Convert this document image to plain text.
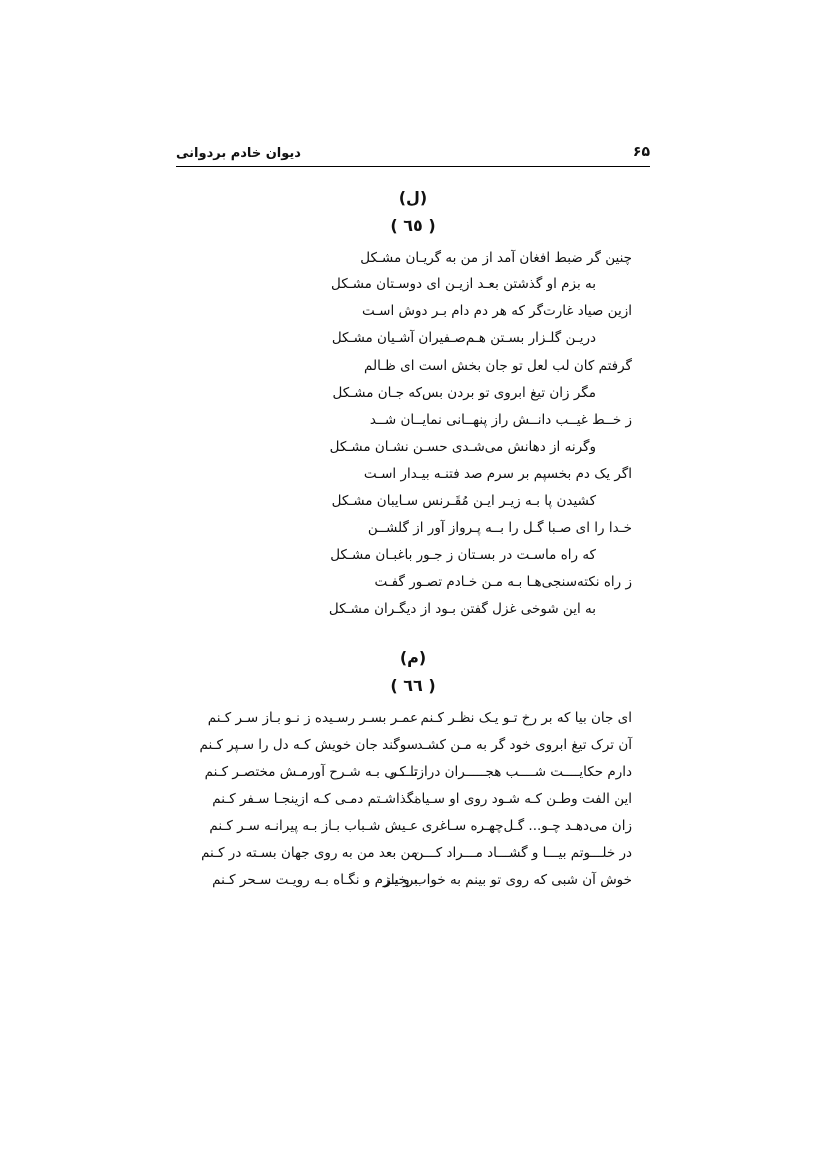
دیوان خادم بردوانی	۶۵
(ل)
( ٦٥ )
چنین گر ضبط افغان آمد از من به گریـان مشـکل
به بزم او گذشتن بعـد ازیـن ای دوسـتان مشـکل
ازین صیاد غارت‌گر که هر دم دام بـر دوش اسـت
دریـن گلـزار بسـتن هـم‌صـفیران آشـیان مشـکل
گرفتم کان لب لعل تو جان بخش است ای ظـالم
مگر زان تیغ ابروی تو بردن بس‌که جـان مشـکل
ز خــط غیــب دانــش راز پنهــانی نمایــان شــد
وگرنه از دهانش می‌شـدی حسـن نشـان مشـکل
اگر یک دم بخسپم بر سرم صد فتنـه بیـدار اسـت
کشیدن پا بـه زیـر ایـن مُقَـرنس سـایبان مشـکل
خـدا را ای صـبا گـل را بــه پـرواز آور از گلشــن
که راه ماسـت در بسـتان ز جـور باغبـان مشـکل
ز راه نکته‌سنجی‌هـا بـه مـن خـادم تصـور گفـت
به این شوخی غزل گفتن بـود از دیگـران مشـکل
(م)
( ٦٦ )
ای جان بیا که بر رخ تـو یـک نظـر کـنم
عمـر بسـر رسـیده ز نـو بـاز سـر کـنم
آن ترک تیغ ابروی خود گر به مـن کشـد
سوگند جان خویش کـه دل را سـپر کـنم
دارم حکایــــت شــــب هجـــــران درازتــــر
تا کـی بـه شـرح آورمـش مختصـر کـنم
این الفت وطـن کـه شـود روی او سـیاه
نگذاشـتم دمـی کـه ازینجـا سـفر کـنم
زان می‌دهـد چـو... گـل‌چهـره سـاغری
عـیش شـباب بـاز بـه پیرانـه سـر کـنم
در خلـــوتم بیـــا و گشـــاد مـــراد کـــن
من بعد من به روی جهان بسـته در کـنم
خوش آن شبی که روی تو بینم به خواب و باز
برخیـزم و نگـاه بـه رویـت سـحر کـنم
